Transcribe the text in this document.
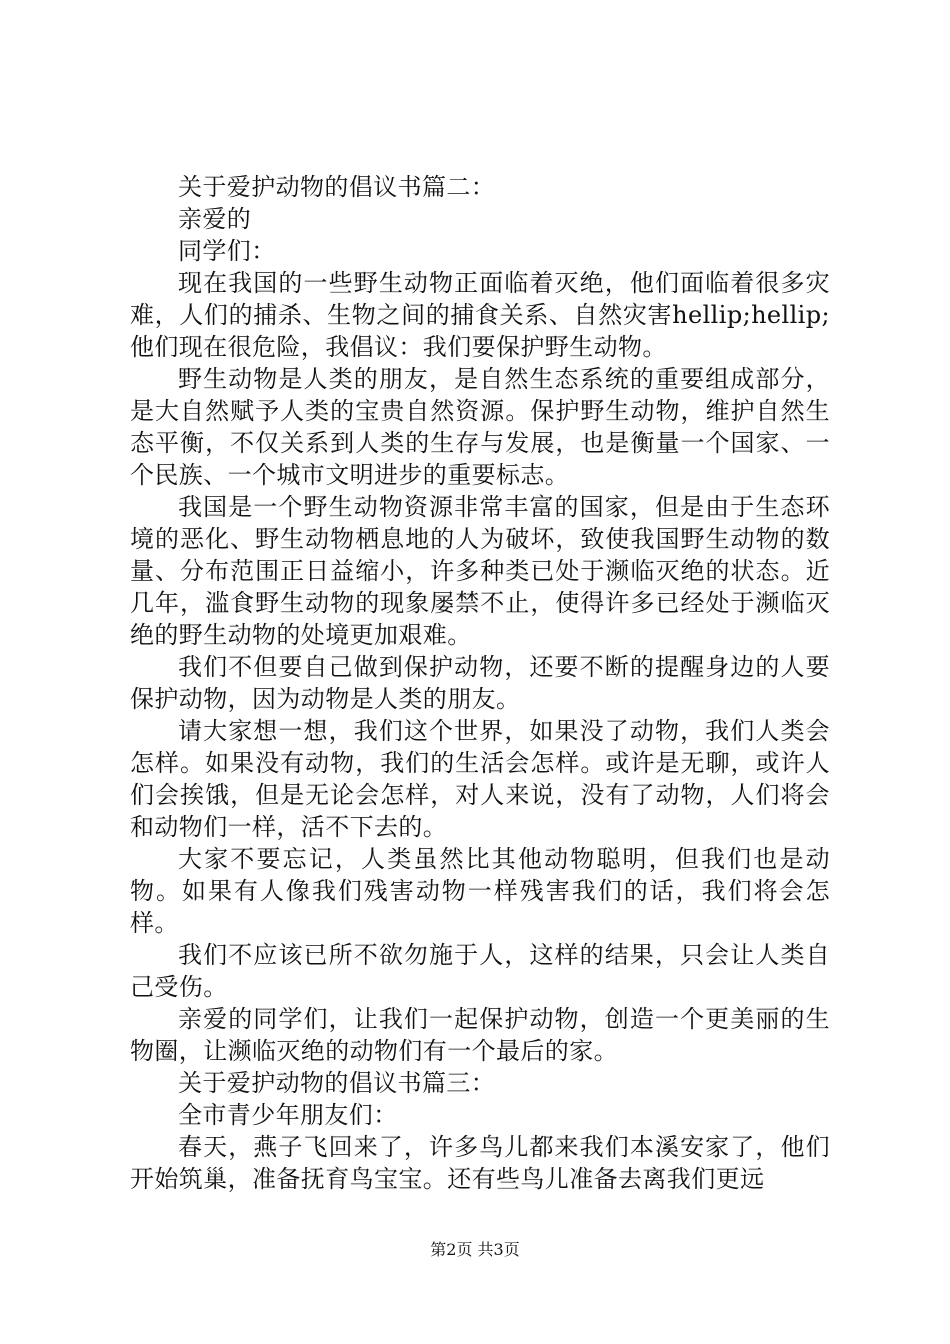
关于爱护动物的倡议书篇二：

亲爱的

同学们：

现在我国的一些野生动物正面临着灭绝，他们面临着很多灾难，人们的捕杀、生物之间的捕食关系、自然灾害hellip;hellip;他们现在很危险，我倡议：我们要保护野生动物。

野生动物是人类的朋友，是自然生态系统的重要组成部分，是大自然赋予人类的宝贵自然资源。保护野生动物，维护自然生态平衡，不仅关系到人类的生存与发展，也是衡量一个国家、一个民族、一个城市文明进步的重要标志。

我国是一个野生动物资源非常丰富的国家，但是由于生态环境的恶化、野生动物栖息地的人为破坏，致使我国野生动物的数量、分布范围正日益缩小，许多种类已处于濒临灭绝的状态。近几年，滥食野生动物的现象屡禁不止，使得许多已经处于濒临灭绝的野生动物的处境更加艰难。

我们不但要自己做到保护动物，还要不断的提醒身边的人要保护动物，因为动物是人类的朋友。

请大家想一想，我们这个世界，如果没了动物，我们人类会怎样。如果没有动物，我们的生活会怎样。或许是无聊，或许人们会挨饿，但是无论会怎样，对人来说，没有了动物，人们将会和动物们一样，活不下去的。

大家不要忘记，人类虽然比其他动物聪明，但我们也是动物。如果有人像我们残害动物一样残害我们的话，我们将会怎样。

我们不应该已所不欲勿施于人，这样的结果，只会让人类自己受伤。

亲爱的同学们，让我们一起保护动物，创造一个更美丽的生物圈，让濒临灭绝的动物们有一个最后的家。

关于爱护动物的倡议书篇三：

全市青少年朋友们：

春天，燕子飞回来了，许多鸟儿都来我们本溪安家了，他们开始筑巢，准备抚育鸟宝宝。还有些鸟儿准备去离我们更远

第2页 共3页
